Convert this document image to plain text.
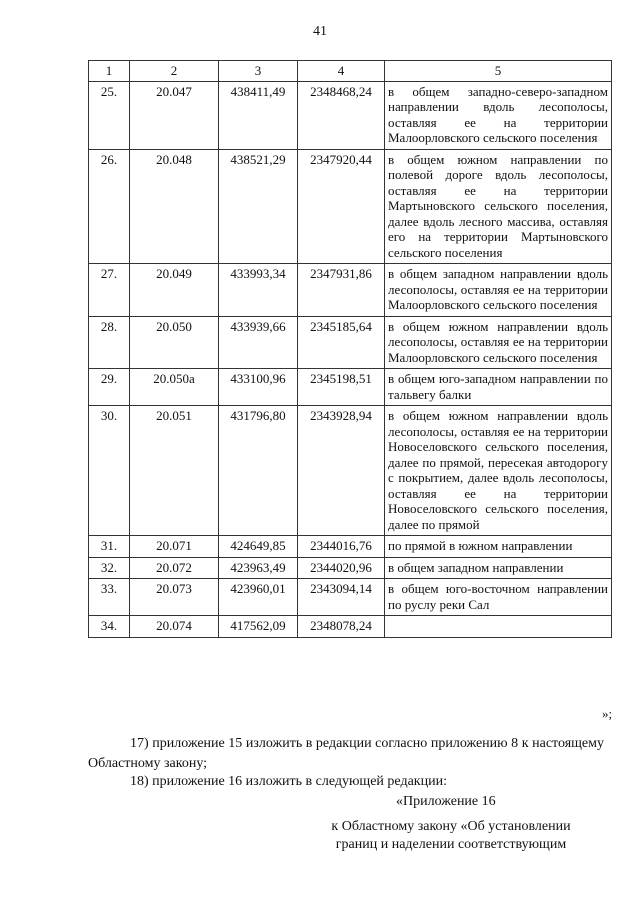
41
1	2	3	4	5
25.	20.047	438411,49	2348468,24	в общем западно-северо-западном направлении вдоль лесополосы, оставляя ее на территории Малоорловского сельского поселения

26.	20.048	438521,29	2347920,44	в общем южном направлении по полевой дороге вдоль лесополосы, оставляя ее на территории Мартыновского сельского поселения, далее вдоль лесного массива, оставляя его на территории Мартыновского сельского поселения

27.	20.049	433993,34	2347931,86	в общем западном направлении вдоль лесополосы, оставляя ее на территории Малоорловского сельского поселения

28.	20.050	433939,66	2345185,64	в общем южном направлении вдоль лесополосы, оставляя ее на территории Малоорловского сельского поселения

29.	20.050а	433100,96	2345198,51	в общем юго-западном направлении по тальвегу балки

30.	20.051	431796,80	2343928,94	в общем южном направлении вдоль лесополосы, оставляя ее на территории Новоселовского сельского поселения, далее по прямой, пересекая автодорогу с покрытием, далее вдоль лесополосы, оставляя ее на территории Новоселовского сельского поселения, далее по прямой

31.	20.071	424649,85	2344016,76	по прямой в южном направлении

32.	20.072	423963,49	2344020,96	в общем западном направлении

33.	20.073	423960,01	2343094,14	в общем юго-восточном направлении по руслу реки Сал

34.	20.074	417562,09	2348078,24	
»;
17) приложение 15 изложить в редакции согласно приложению 8 к настоящему Областному закону;
18) приложение 16 изложить в следующей редакции:
«Приложение 16
к Областному закону «Об установлении границ и наделении соответствующим
